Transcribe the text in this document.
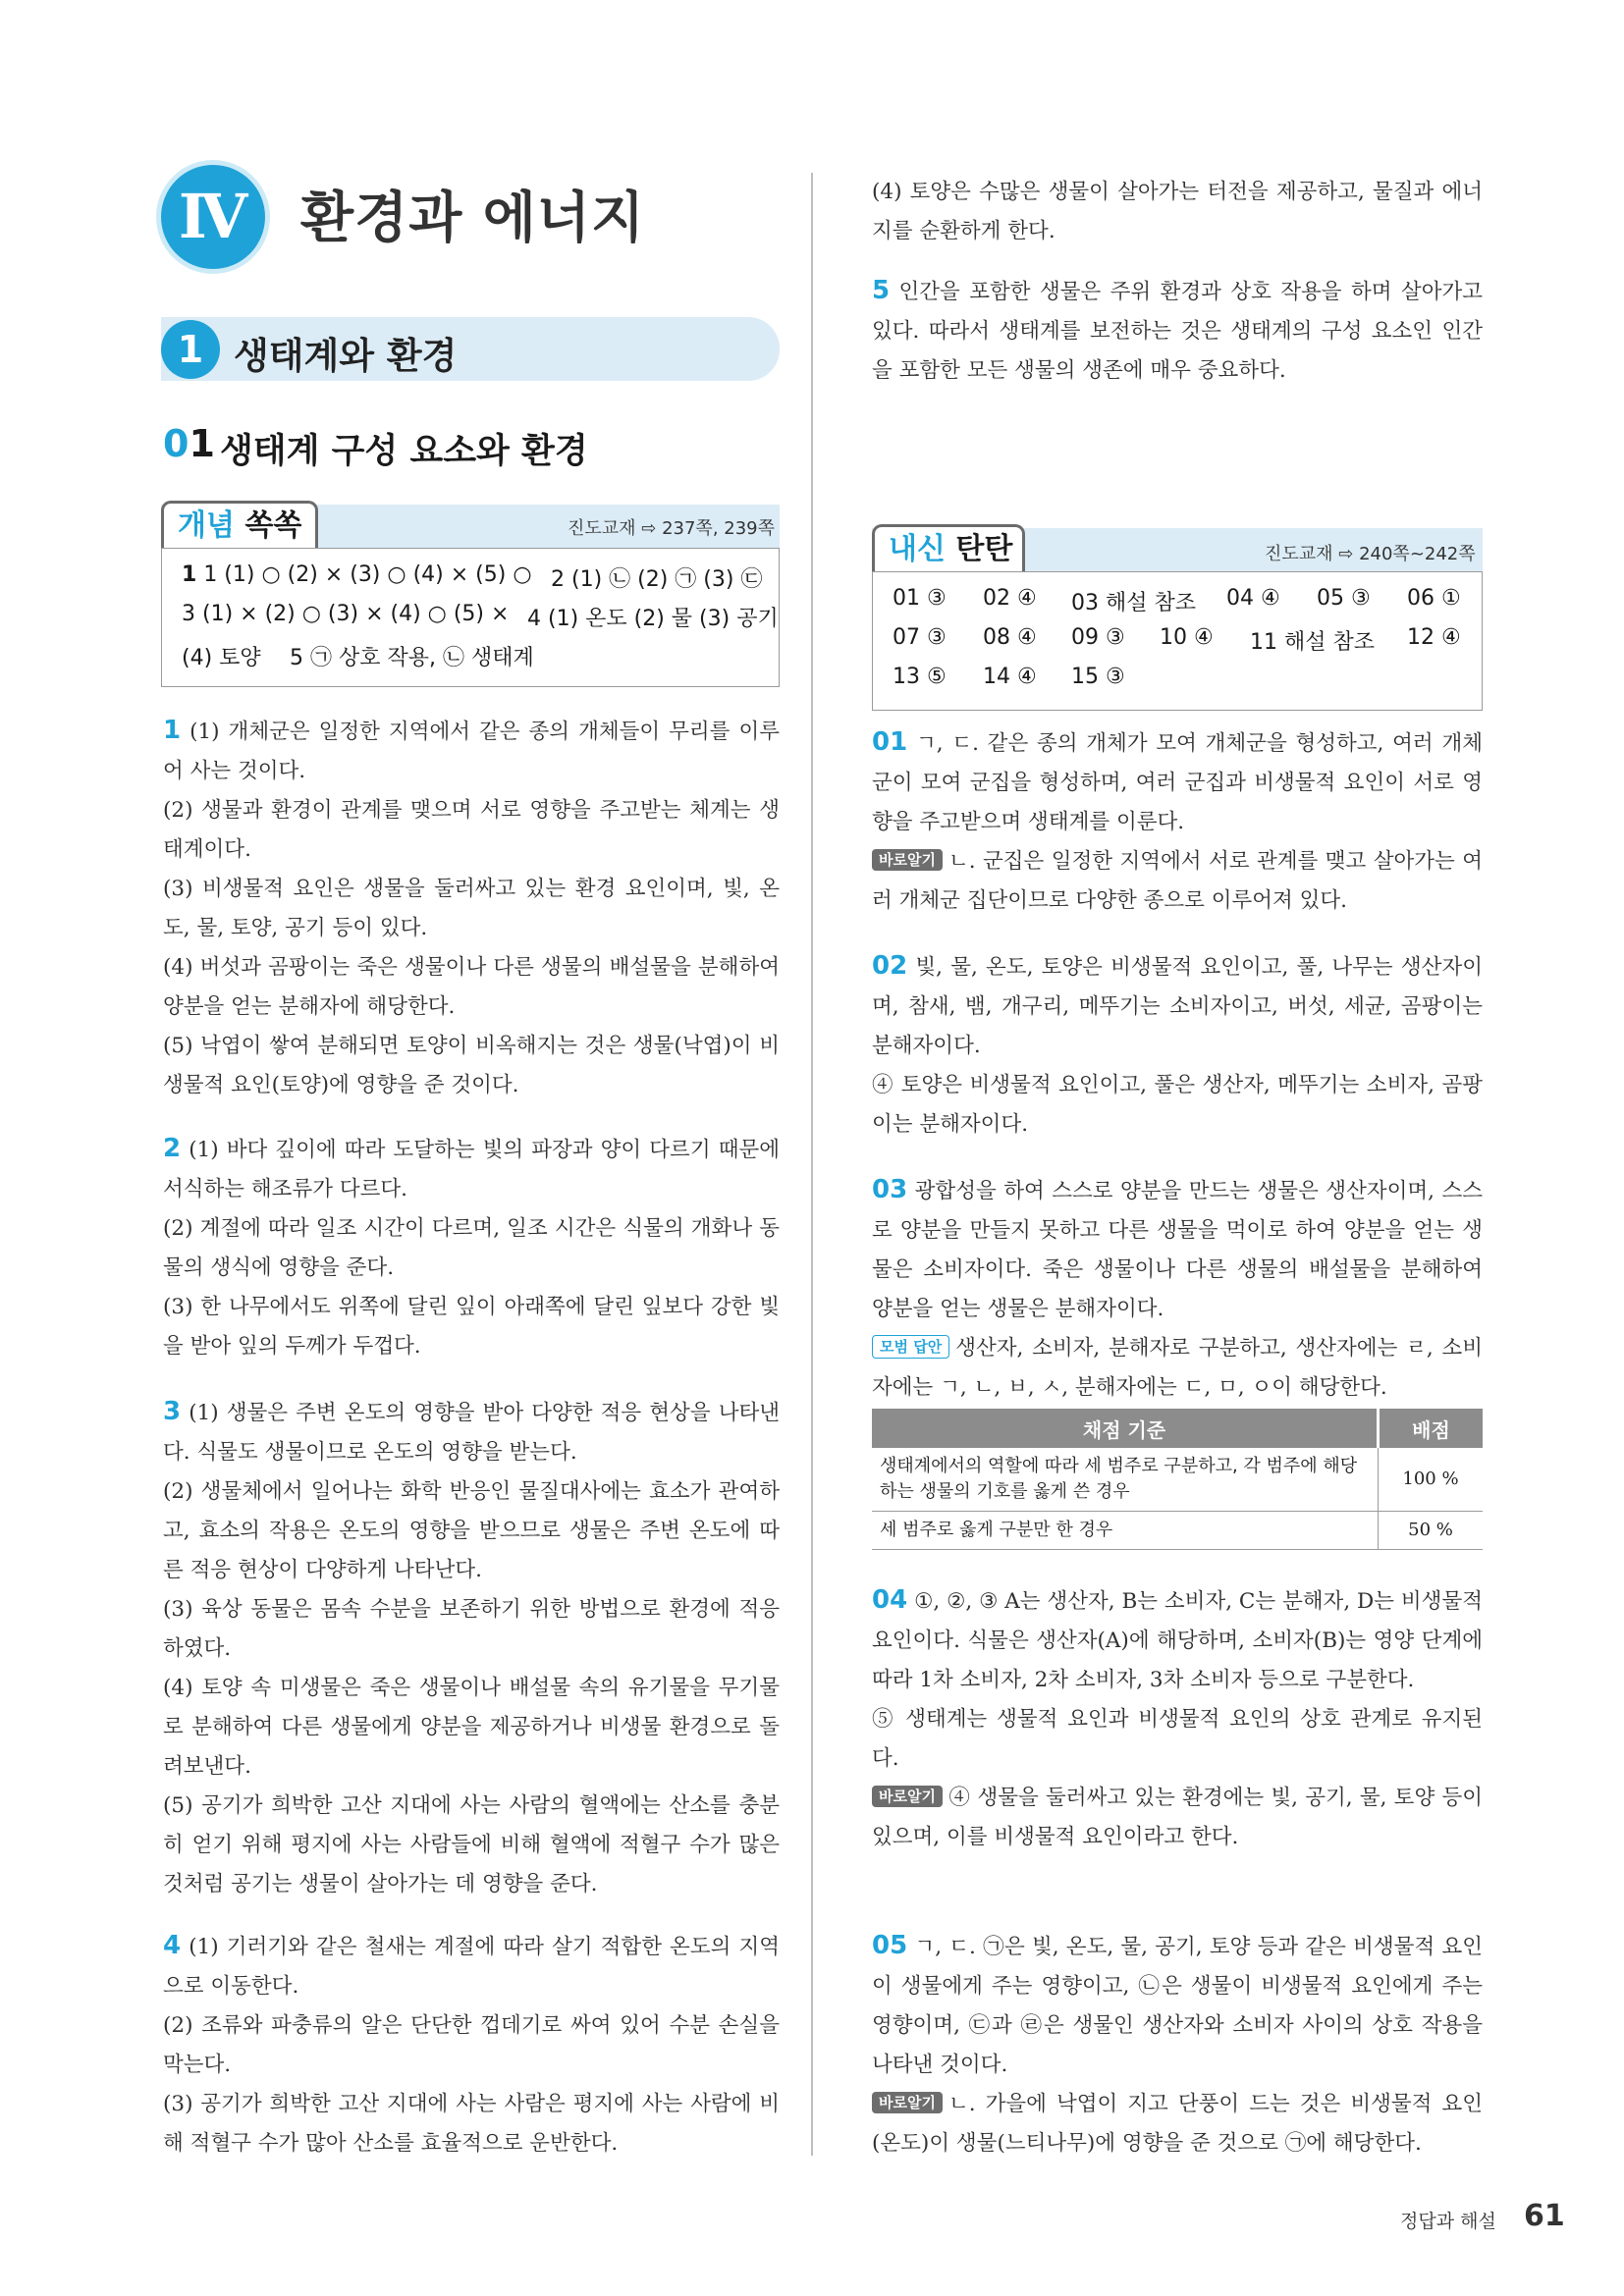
Ⅳ 환경과 에너지
1 생태계와 환경
01 생태계 구성 요소와 환경
개념 쏙쏙	진도교재 ⇨ 237쪽, 239쪽
1 1 (1) ○ (2) × (3) ○ (4) × (5) ○ 2 (1) ㉡ (2) ㉠ (3) ㉢
3 (1) × (2) ○ (3) × (4) ○ (5) × 4 (1) 온도 (2) 물 (3) 공기
(4) 토양 5 ㉠ 상호 작용, ㉡ 생태계
1 (1) 개체군은 일정한 지역에서 같은 종의 개체들이 무리를 이루어 사는 것이다.
(2) 생물과 환경이 관계를 맺으며 서로 영향을 주고받는 체계는 생태계이다.
(3) 비생물적 요인은 생물을 둘러싸고 있는 환경 요인이며, 빛, 온도, 물, 토양, 공기 등이 있다.
(4) 버섯과 곰팡이는 죽은 생물이나 다른 생물의 배설물을 분해하여 양분을 얻는 분해자에 해당한다.
(5) 낙엽이 쌓여 분해되면 토양이 비옥해지는 것은 생물(낙엽)이 비생물적 요인(토양)에 영향을 준 것이다.
2 (1) 바다 깊이에 따라 도달하는 빛의 파장과 양이 다르기 때문에 서식하는 해조류가 다르다.
(2) 계절에 따라 일조 시간이 다르며, 일조 시간은 식물의 개화나 동물의 생식에 영향을 준다.
(3) 한 나무에서도 위쪽에 달린 잎이 아래쪽에 달린 잎보다 강한 빛을 받아 잎의 두께가 두껍다.
3 (1) 생물은 주변 온도의 영향을 받아 다양한 적응 현상을 나타낸다. 식물도 생물이므로 온도의 영향을 받는다.
(2) 생물체에서 일어나는 화학 반응인 물질대사에는 효소가 관여하고, 효소의 작용은 온도의 영향을 받으므로 생물은 주변 온도에 따른 적응 현상이 다양하게 나타난다.
(3) 육상 동물은 몸속 수분을 보존하기 위한 방법으로 환경에 적응하였다.
(4) 토양 속 미생물은 죽은 생물이나 배설물 속의 유기물을 무기물로 분해하여 다른 생물에게 양분을 제공하거나 비생물 환경으로 돌려보낸다.
(5) 공기가 희박한 고산 지대에 사는 사람의 혈액에는 산소를 충분히 얻기 위해 평지에 사는 사람들에 비해 혈액에 적혈구 수가 많은 것처럼 공기는 생물이 살아가는 데 영향을 준다.
4 (1) 기러기와 같은 철새는 계절에 따라 살기 적합한 온도의 지역으로 이동한다.
(2) 조류와 파충류의 알은 단단한 껍데기로 싸여 있어 수분 손실을 막는다.
(3) 공기가 희박한 고산 지대에 사는 사람은 평지에 사는 사람에 비해 적혈구 수가 많아 산소를 효율적으로 운반한다.
(4) 토양은 수많은 생물이 살아가는 터전을 제공하고, 물질과 에너지를 순환하게 한다.
5 인간을 포함한 생물은 주위 환경과 상호 작용을 하며 살아가고 있다. 따라서 생태계를 보전하는 것은 생태계의 구성 요소인 인간을 포함한 모든 생물의 생존에 매우 중요하다.
내신 탄탄	진도교재 ⇨ 240쪽~242쪽
01 ③ 02 ④ 03 해설 참조 04 ④ 05 ③ 06 ①
07 ③ 08 ④ 09 ③ 10 ④ 11 해설 참조 12 ④
13 ⑤ 14 ④ 15 ③
01 ㄱ, ㄷ. 같은 종의 개체가 모여 개체군을 형성하고, 여러 개체군이 모여 군집을 형성하며, 여러 군집과 비생물적 요인이 서로 영향을 주고받으며 생태계를 이룬다.
바로알기 ㄴ. 군집은 일정한 지역에서 서로 관계를 맺고 살아가는 여러 개체군 집단이므로 다양한 종으로 이루어져 있다.
02 빛, 물, 온도, 토양은 비생물적 요인이고, 풀, 나무는 생산자이며, 참새, 뱀, 개구리, 메뚜기는 소비자이고, 버섯, 세균, 곰팡이는 분해자이다.
④ 토양은 비생물적 요인이고, 풀은 생산자, 메뚜기는 소비자, 곰팡이는 분해자이다.
03 광합성을 하여 스스로 양분을 만드는 생물은 생산자이며, 스스로 양분을 만들지 못하고 다른 생물을 먹이로 하여 양분을 얻는 생물은 소비자이다. 죽은 생물이나 다른 생물의 배설물을 분해하여 양분을 얻는 생물은 분해자이다.
모범 답안 생산자, 소비자, 분해자로 구분하고, 생산자에는 ㄹ, 소비자에는 ㄱ, ㄴ, ㅂ, ㅅ, 분해자에는 ㄷ, ㅁ, ㅇ이 해당한다.
채점 기준	배점
생태계에서의 역할에 따라 세 범주로 구분하고, 각 범주에 해당하는 생물의 기호를 옳게 쓴 경우	100 %
세 범주로 옳게 구분만 한 경우	50 %
04 ①, ②, ③ A는 생산자, B는 소비자, C는 분해자, D는 비생물적 요인이다. 식물은 생산자(A)에 해당하며, 소비자(B)는 영양 단계에 따라 1차 소비자, 2차 소비자, 3차 소비자 등으로 구분한다.
⑤ 생태계는 생물적 요인과 비생물적 요인의 상호 관계로 유지된다.
바로알기 ④ 생물을 둘러싸고 있는 환경에는 빛, 공기, 물, 토양 등이 있으며, 이를 비생물적 요인이라고 한다.
05 ㄱ, ㄷ. ㉠은 빛, 온도, 물, 공기, 토양 등과 같은 비생물적 요인이 생물에게 주는 영향이고, ㉡은 생물이 비생물적 요인에게 주는 영향이며, ㉢과 ㉣은 생물인 생산자와 소비자 사이의 상호 작용을 나타낸 것이다.
바로알기 ㄴ. 가을에 낙엽이 지고 단풍이 드는 것은 비생물적 요인(온도)이 생물(느티나무)에 영향을 준 것으로 ㉠에 해당한다.
정답과 해설 61
